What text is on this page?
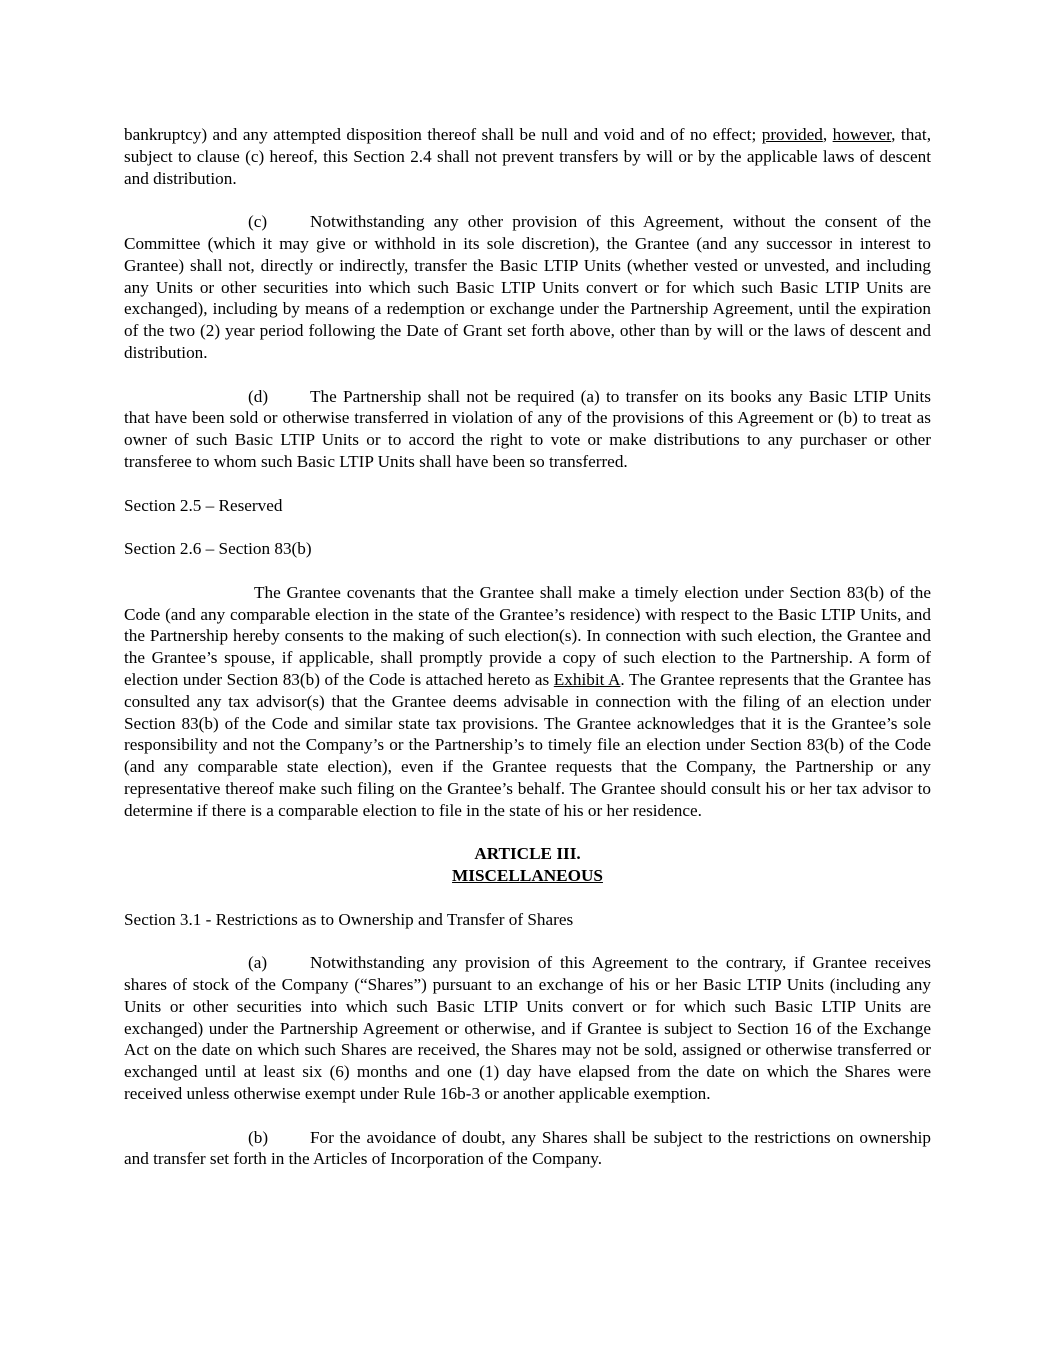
bankruptcy) and any attempted disposition thereof shall be null and void and of no effect; provided, however, that, subject to clause (c) hereof, this Section 2.4 shall not prevent transfers by will or by the applicable laws of descent and distribution.

(c) Notwithstanding any other provision of this Agreement, without the consent of the Committee (which it may give or withhold in its sole discretion), the Grantee (and any successor in interest to Grantee) shall not, directly or indirectly, transfer the Basic LTIP Units (whether vested or unvested, and including any Units or other securities into which such Basic LTIP Units convert or for which such Basic LTIP Units are exchanged), including by means of a redemption or exchange under the Partnership Agreement, until the expiration of the two (2) year period following the Date of Grant set forth above, other than by will or the laws of descent and distribution.

(d) The Partnership shall not be required (a) to transfer on its books any Basic LTIP Units that have been sold or otherwise transferred in violation of any of the provisions of this Agreement or (b) to treat as owner of such Basic LTIP Units or to accord the right to vote or make distributions to any purchaser or other transferee to whom such Basic LTIP Units shall have been so transferred.

Section 2.5 – Reserved

Section 2.6 – Section 83(b)

The Grantee covenants that the Grantee shall make a timely election under Section 83(b) of the Code (and any comparable election in the state of the Grantee’s residence) with respect to the Basic LTIP Units, and the Partnership hereby consents to the making of such election(s). In connection with such election, the Grantee and the Grantee’s spouse, if applicable, shall promptly provide a copy of such election to the Partnership. A form of election under Section 83(b) of the Code is attached hereto as Exhibit A. The Grantee represents that the Grantee has consulted any tax advisor(s) that the Grantee deems advisable in connection with the filing of an election under Section 83(b) of the Code and similar state tax provisions. The Grantee acknowledges that it is the Grantee’s sole responsibility and not the Company’s or the Partnership’s to timely file an election under Section 83(b) of the Code (and any comparable state election), even if the Grantee requests that the Company, the Partnership or any representative thereof make such filing on the Grantee’s behalf. The Grantee should consult his or her tax advisor to determine if there is a comparable election to file in the state of his or her residence.

ARTICLE III.
MISCELLANEOUS

Section 3.1 - Restrictions as to Ownership and Transfer of Shares

(a) Notwithstanding any provision of this Agreement to the contrary, if Grantee receives shares of stock of the Company (“Shares”) pursuant to an exchange of his or her Basic LTIP Units (including any Units or other securities into which such Basic LTIP Units convert or for which such Basic LTIP Units are exchanged) under the Partnership Agreement or otherwise, and if Grantee is subject to Section 16 of the Exchange Act on the date on which such Shares are received, the Shares may not be sold, assigned or otherwise transferred or exchanged until at least six (6) months and one (1) day have elapsed from the date on which the Shares were received unless otherwise exempt under Rule 16b-3 or another applicable exemption.

(b) For the avoidance of doubt, any Shares shall be subject to the restrictions on ownership and transfer set forth in the Articles of Incorporation of the Company.
